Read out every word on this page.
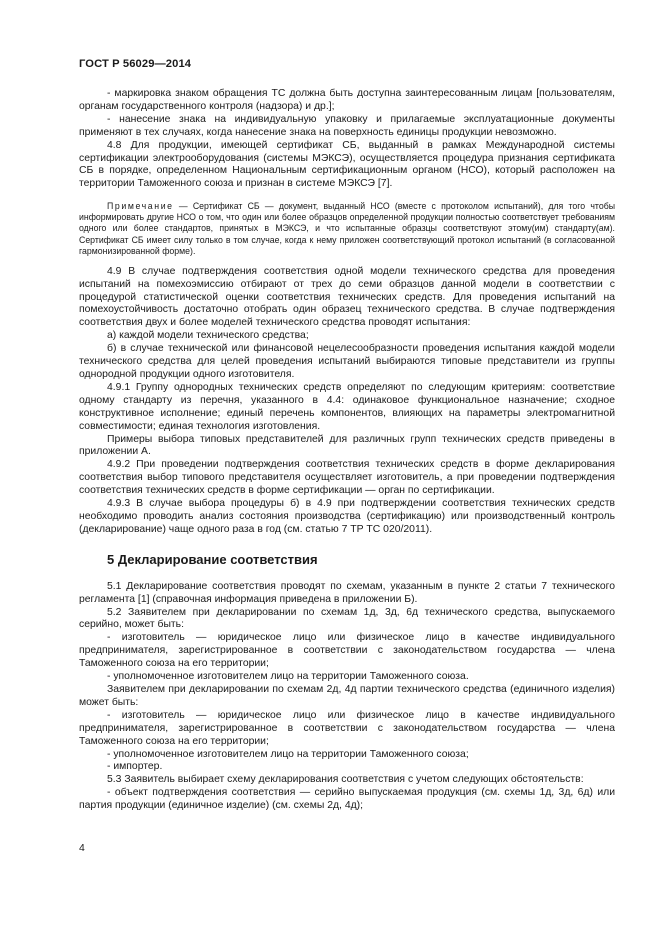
ГОСТ Р 56029—2014

- маркировка знаком обращения ТС должна быть доступна заинтересованным лицам [пользователям, органам государственного контроля (надзора) и др.];

- нанесение знака на индивидуальную упаковку и прилагаемые эксплуатационные документы применяют в тех случаях, когда нанесение знака на поверхность единицы продукции невозможно.

4.8 Для продукции, имеющей сертификат СБ, выданный в рамках Международной системы сертификации электрооборудования (системы МЭКСЭ), осуществляется процедура признания сертификата СБ в порядке, определенном Национальным сертификационным органом (НСО), который расположен на территории Таможенного союза и признан в системе МЭКСЭ [7].

Примечание — Сертификат СБ — документ, выданный НСО (вместе с протоколом испытаний), для того чтобы информировать другие НСО о том, что один или более образцов определенной продукции полностью соответствует требованиям одного или более стандартов, принятых в МЭКСЭ, и что испытанные образцы соответствуют этому(им) стандарту(ам). Сертификат СБ имеет силу только в том случае, когда к нему приложен соответствующий протокол испытаний (в согласованной гармонизированной форме).

4.9 В случае подтверждения соответствия одной модели технического средства для проведения испытаний на помехоэмиссию отбирают от трех до семи образцов данной модели в соответствии с процедурой статистической оценки соответствия технических средств. Для проведения испытаний на помехоустойчивость достаточно отобрать один образец технического средства. В случае подтверждения соответствия двух и более моделей технического средства проводят испытания:

а) каждой модели технического средства;

б) в случае технической или финансовой нецелесообразности проведения испытания каждой модели технического средства для целей проведения испытаний выбираются типовые представители из группы однородной продукции одного изготовителя.

4.9.1 Группу однородных технических средств определяют по следующим критериям: соответствие одному стандарту из перечня, указанного в 4.4: одинаковое функциональное назначение; сходное конструктивное исполнение; единый перечень компонентов, влияющих на параметры электромагнитной совместимости; единая технология изготовления.

Примеры выбора типовых представителей для различных групп технических средств приведены в приложении А.

4.9.2 При проведении подтверждения соответствия технических средств в форме декларирования соответствия выбор типового представителя осуществляет изготовитель, а при проведении подтверждения соответствия технических средств в форме сертификации — орган по сертификации.

4.9.3 В случае выбора процедуры б) в 4.9 при подтверждении соответствия технических средств необходимо проводить анализ состояния производства (сертификацию) или производственный контроль (декларирование) чаще одного раза в год (см. статью 7 ТР ТС 020/2011).

5 Декларирование соответствия

5.1 Декларирование соответствия проводят по схемам, указанным в пункте 2 статьи 7 технического регламента [1] (справочная информация приведена в приложении Б).

5.2 Заявителем при декларировании по схемам 1д, 3д, 6д технического средства, выпускаемого серийно, может быть:

- изготовитель — юридическое лицо или физическое лицо в качестве индивидуального предпринимателя, зарегистрированное в соответствии с законодательством государства — члена Таможенного союза на его территории;

- уполномоченное изготовителем лицо на территории Таможенного союза.

Заявителем при декларировании по схемам 2д, 4д партии технического средства (единичного изделия) может быть:

- изготовитель — юридическое лицо или физическое лицо в качестве индивидуального предпринимателя, зарегистрированное в соответствии с законодательством государства — члена Таможенного союза на его территории;

- уполномоченное изготовителем лицо на территории Таможенного союза;

- импортер.

5.3 Заявитель выбирает схему декларирования соответствия с учетом следующих обстоятельств:

- объект подтверждения соответствия — серийно выпускаемая продукция (см. схемы 1д, 3д, 6д) или партия продукции (единичное изделие) (см. схемы 2д, 4д);

4
